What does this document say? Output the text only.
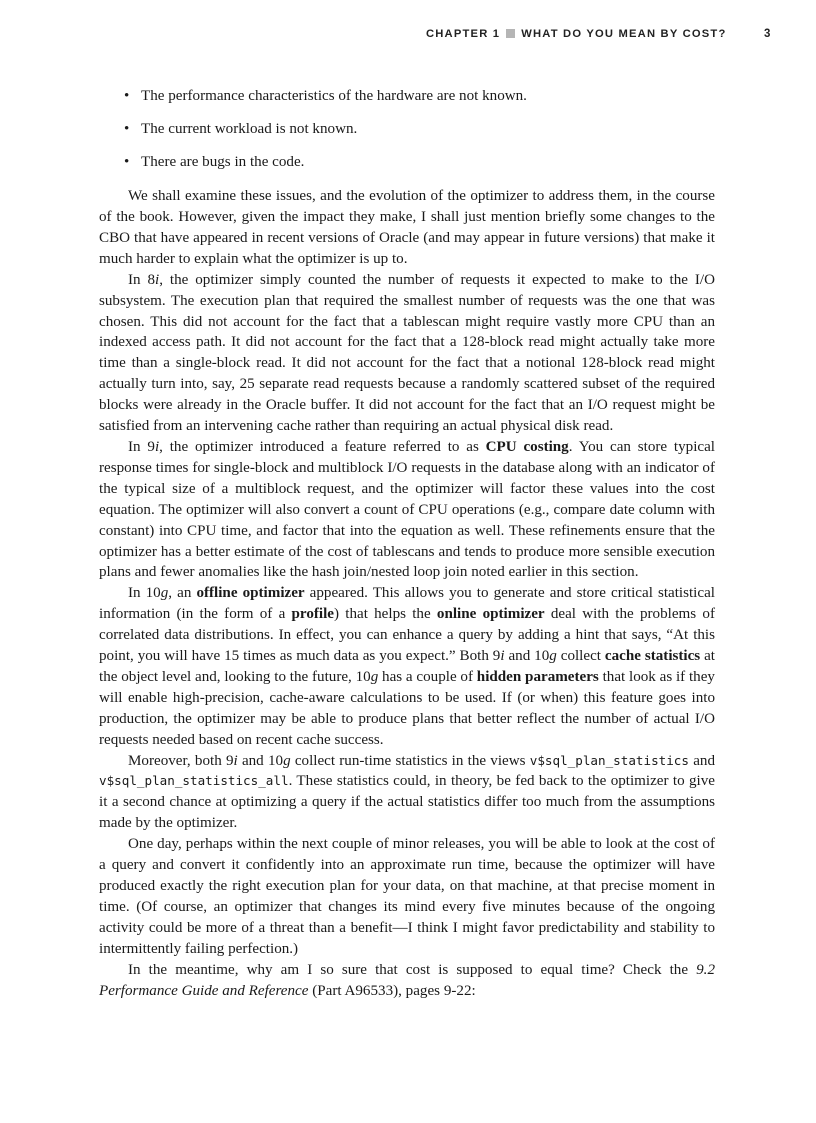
CHAPTER 1 WHAT DO YOU MEAN BY COST?	3
• The performance characteristics of the hardware are not known.
• The current workload is not known.
• There are bugs in the code.

We shall examine these issues, and the evolution of the optimizer to address them, in the course of the book. However, given the impact they make, I shall just mention briefly some changes to the CBO that have appeared in recent versions of Oracle (and may appear in future versions) that make it much harder to explain what the optimizer is up to.

In 8i, the optimizer simply counted the number of requests it expected to make to the I/O subsystem. The execution plan that required the smallest number of requests was the one that was chosen. This did not account for the fact that a tablescan might require vastly more CPU than an indexed access path. It did not account for the fact that a 128-block read might actually take more time than a single-block read. It did not account for the fact that a notional 128-block read might actually turn into, say, 25 separate read requests because a randomly scattered subset of the required blocks were already in the Oracle buffer. It did not account for the fact that an I/O request might be satisfied from an intervening cache rather than requiring an actual physical disk read.

In 9i, the optimizer introduced a feature referred to as CPU costing. You can store typical response times for single-block and multiblock I/O requests in the database along with an indicator of the typical size of a multiblock request, and the optimizer will factor these values into the cost equation. The optimizer will also convert a count of CPU operations (e.g., compare date column with constant) into CPU time, and factor that into the equation as well. These refinements ensure that the optimizer has a better estimate of the cost of tablescans and tends to produce more sensible execution plans and fewer anomalies like the hash join/nested loop join noted earlier in this section.

In 10g, an offline optimizer appeared. This allows you to generate and store critical statistical information (in the form of a profile) that helps the online optimizer deal with the problems of correlated data distributions. In effect, you can enhance a query by adding a hint that says, “At this point, you will have 15 times as much data as you expect.” Both 9i and 10g collect cache statistics at the object level and, looking to the future, 10g has a couple of hidden parameters that look as if they will enable high-precision, cache-aware calculations to be used. If (or when) this feature goes into production, the optimizer may be able to produce plans that better reflect the number of actual I/O requests needed based on recent cache success.

Moreover, both 9i and 10g collect run-time statistics in the views v$sql_plan_statistics and v$sql_plan_statistics_all. These statistics could, in theory, be fed back to the optimizer to give it a second chance at optimizing a query if the actual statistics differ too much from the assumptions made by the optimizer.

One day, perhaps within the next couple of minor releases, you will be able to look at the cost of a query and convert it confidently into an approximate run time, because the optimizer will have produced exactly the right execution plan for your data, on that machine, at that precise moment in time. (Of course, an optimizer that changes its mind every five minutes because of the ongoing activity could be more of a threat than a benefit—I think I might favor predictability and stability to intermittently failing perfection.)

In the meantime, why am I so sure that cost is supposed to equal time? Check the 9.2 Performance Guide and Reference (Part A96533), pages 9-22:
